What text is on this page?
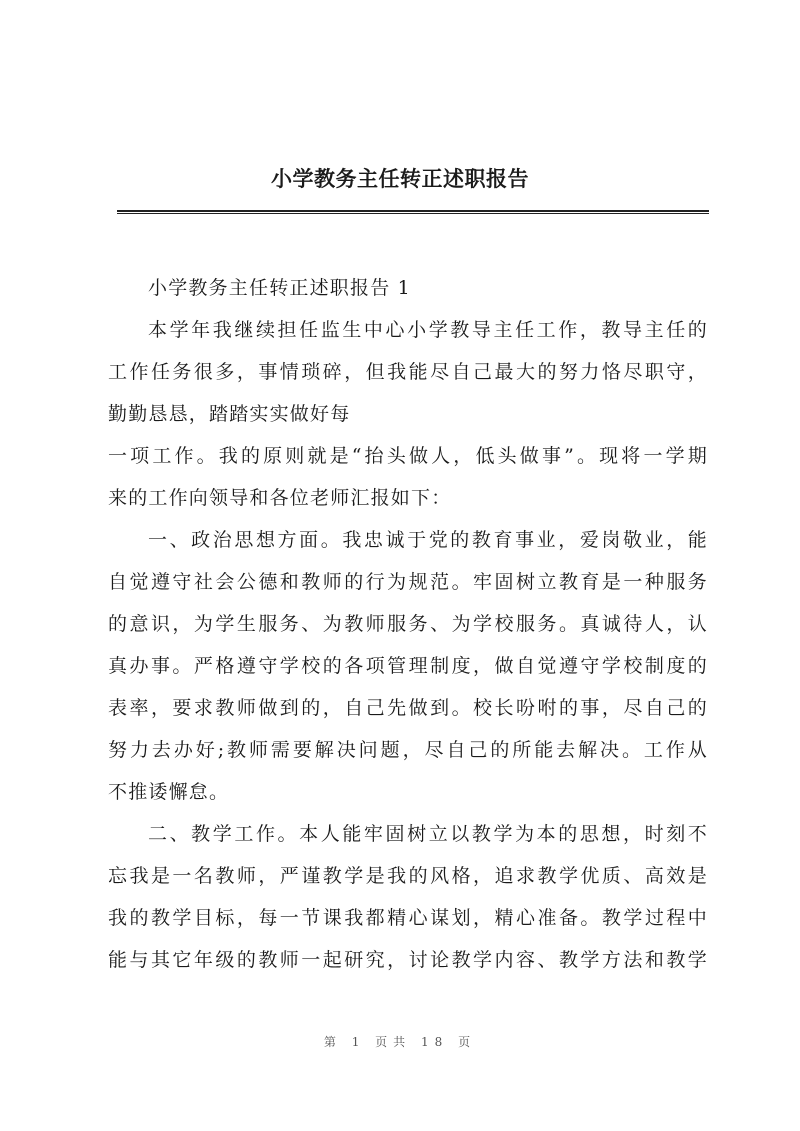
小学教务主任转正述职报告
小学教务主任转正述职报告 1
本学年我继续担任监生中心小学教导主任工作，教导主任的
工作任务很多，事情琐碎，但我能尽自己最大的努力恪尽职守，
勤勤恳恳，踏踏实实做好每
一项工作。我的原则就是“抬头做人，低头做事”。现将一学期
来的工作向领导和各位老师汇报如下：
一、政治思想方面。我忠诚于党的教育事业，爱岗敬业，能
自觉遵守社会公德和教师的行为规范。牢固树立教育是一种服务
的意识，为学生服务、为教师服务、为学校服务。真诚待人，认
真办事。严格遵守学校的各项管理制度，做自觉遵守学校制度的
表率，要求教师做到的，自己先做到。校长吩咐的事，尽自己的
努力去办好;教师需要解决问题，尽自己的所能去解决。工作从
不推诿懈怠。
二、教学工作。本人能牢固树立以教学为本的思想，时刻不
忘我是一名教师，严谨教学是我的风格，追求教学优质、高效是
我的教学目标，每一节课我都精心谋划，精心准备。教学过程中
能与其它年级的教师一起研究，讨论教学内容、教学方法和教学
第 1 页共 18 页
